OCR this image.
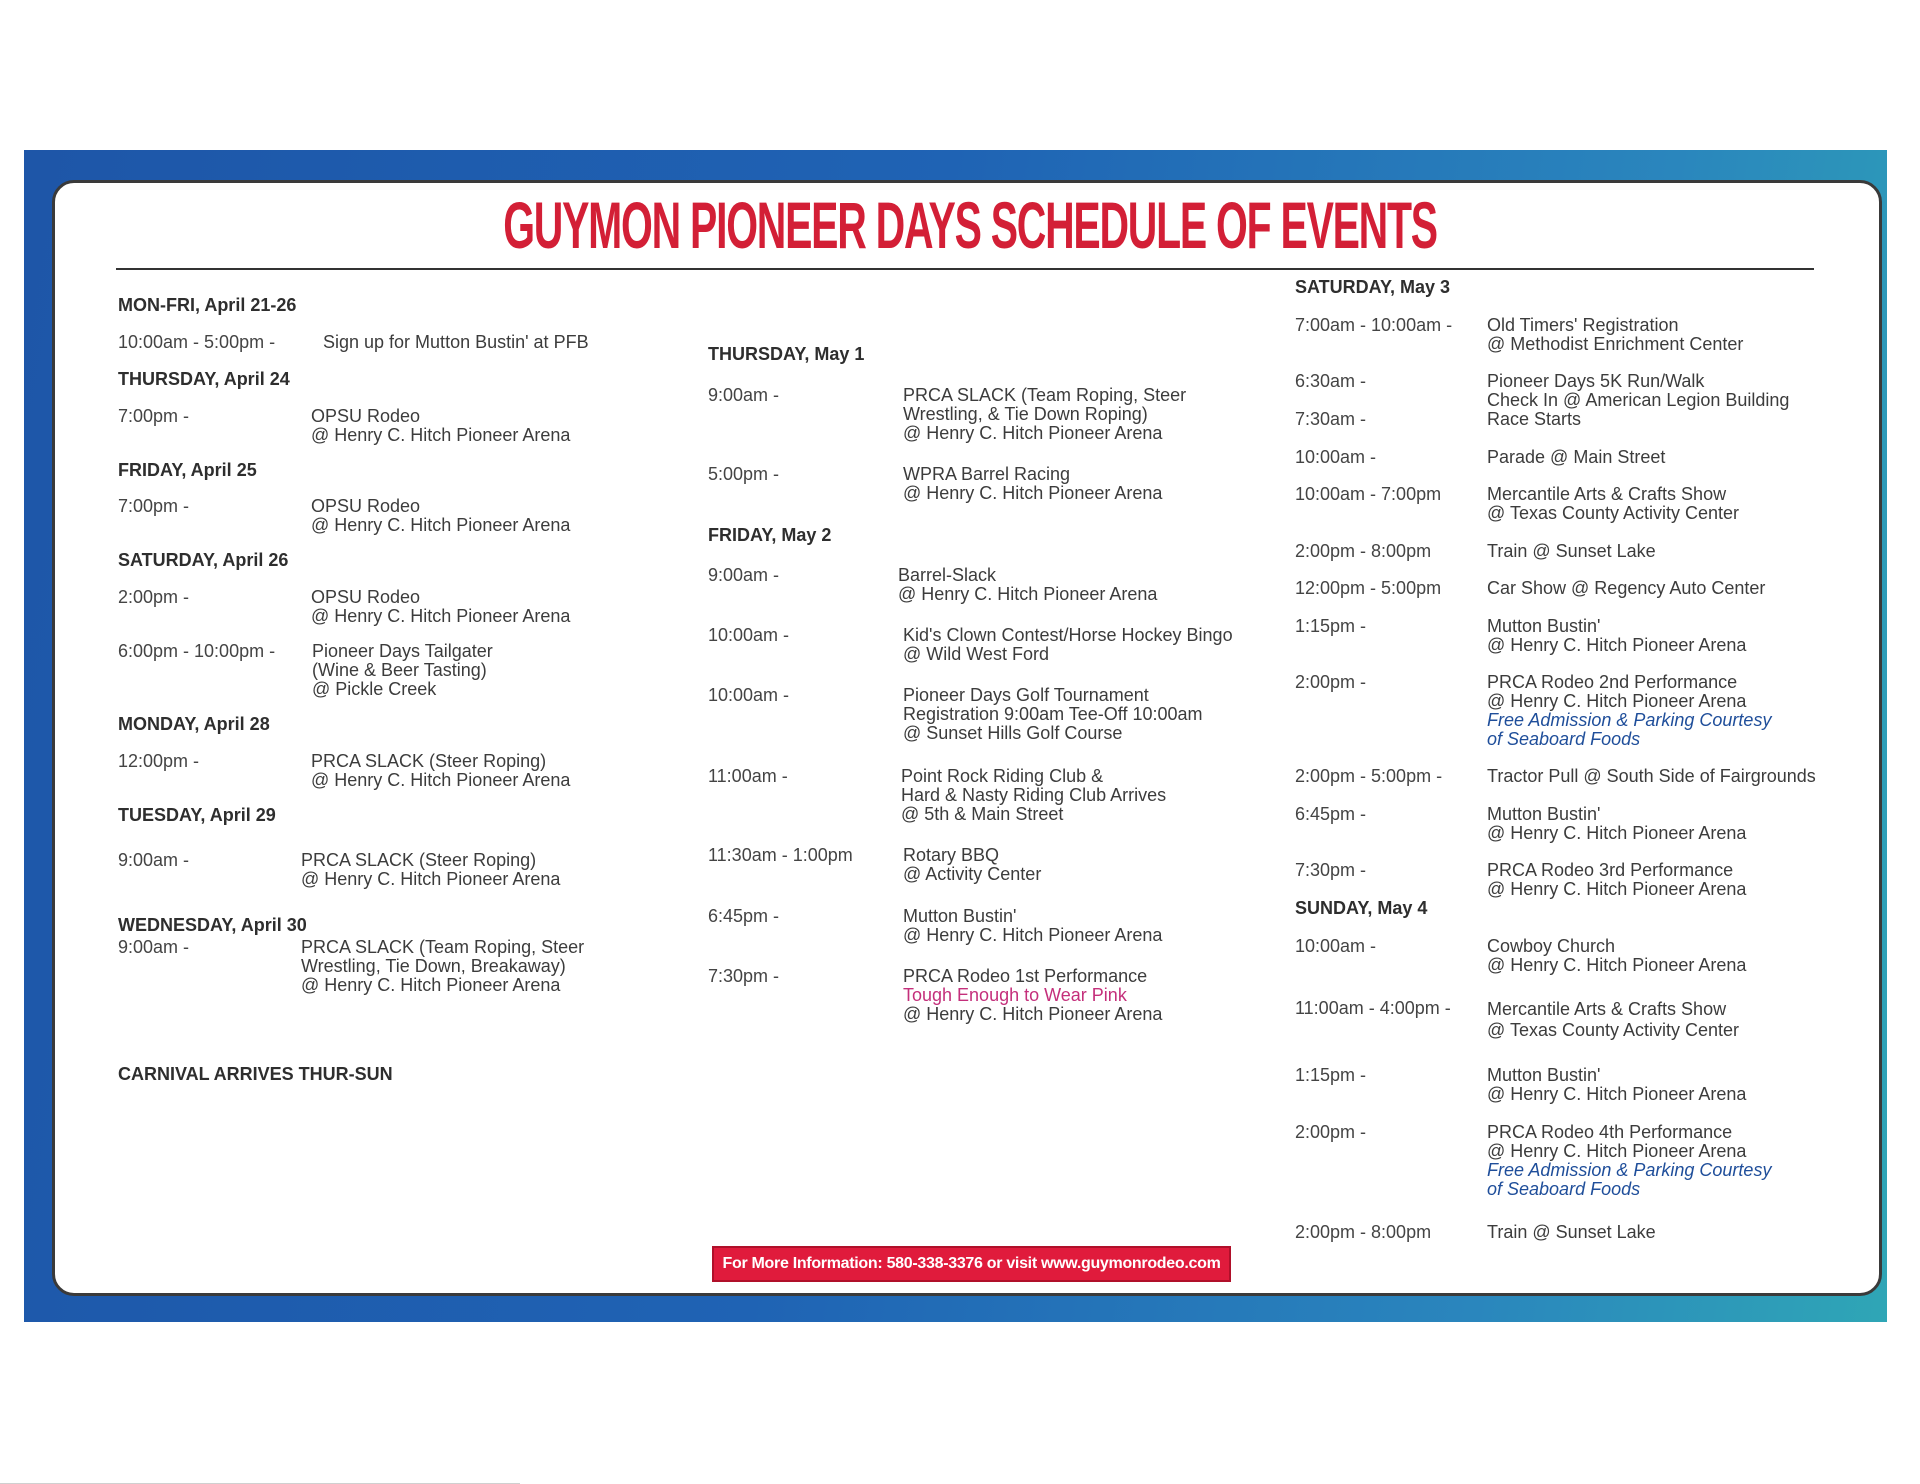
GUYMON PIONEER DAYS SCHEDULE OF EVENTS
MON-FRI, April 21-26
10:00am - 5:00pm -	Sign up for Mutton Bustin' at PFB
THURSDAY, April 24
7:00pm -	OPSU Rodeo
@ Henry C. Hitch Pioneer Arena
FRIDAY, April 25
7:00pm -	OPSU Rodeo
@ Henry C. Hitch Pioneer Arena
SATURDAY, April 26
2:00pm -	OPSU Rodeo
@ Henry C. Hitch Pioneer Arena
6:00pm - 10:00pm - Pioneer Days Tailgater
(Wine & Beer Tasting)
@ Pickle Creek
MONDAY, April 28
12:00pm -	PRCA SLACK (Steer Roping)
@ Henry C. Hitch Pioneer Arena
TUESDAY, April 29
9:00am -	PRCA SLACK (Steer Roping)
@ Henry C. Hitch Pioneer Arena
WEDNESDAY, April 30
9:00am -	PRCA SLACK (Team Roping, Steer
Wrestling, Tie Down, Breakaway)
@ Henry C. Hitch Pioneer Arena
CARNIVAL ARRIVES THUR-SUN
THURSDAY, May 1
9:00am -	PRCA SLACK (Team Roping, Steer
Wrestling, & Tie Down Roping)
@ Henry C. Hitch Pioneer Arena
5:00pm -	WPRA Barrel Racing
@ Henry C. Hitch Pioneer Arena
FRIDAY, May 2
9:00am -	Barrel-Slack
@ Henry C. Hitch Pioneer Arena
10:00am -	Kid's Clown Contest/Horse Hockey Bingo
@ Wild West Ford
10:00am -	Pioneer Days Golf Tournament
Registration 9:00am Tee-Off 10:00am
@ Sunset Hills Golf Course
11:00am -	Point Rock Riding Club &
Hard & Nasty Riding Club Arrives
@ 5th & Main Street
11:30am - 1:00pm	Rotary BBQ
@ Activity Center
6:45pm -	Mutton Bustin'
@ Henry C. Hitch Pioneer Arena
7:30pm -	PRCA Rodeo 1st Performance
Tough Enough to Wear Pink
@ Henry C. Hitch Pioneer Arena
SATURDAY, May 3
7:00am - 10:00am - Old Timers' Registration
@ Methodist Enrichment Center
6:30am -	Pioneer Days 5K Run/Walk
Check In @ American Legion Building
7:30am -	Race Starts
10:00am -	Parade @ Main Street
10:00am - 7:00pm	Mercantile Arts & Crafts Show
@ Texas County Activity Center
2:00pm - 8:00pm	Train @ Sunset Lake
12:00pm - 5:00pm	Car Show @ Regency Auto Center
1:15pm -	Mutton Bustin'
@ Henry C. Hitch Pioneer Arena
2:00pm -	PRCA Rodeo 2nd Performance
@ Henry C. Hitch Pioneer Arena
Free Admission & Parking Courtesy
of Seaboard Foods
2:00pm - 5:00pm - Tractor Pull @ South Side of Fairgrounds
6:45pm -	Mutton Bustin'
@ Henry C. Hitch Pioneer Arena
7:30pm -	PRCA Rodeo 3rd Performance
@ Henry C. Hitch Pioneer Arena
SUNDAY, May 4
10:00am -	Cowboy Church
@ Henry C. Hitch Pioneer Arena
11:00am - 4:00pm - Mercantile Arts & Crafts Show
@ Texas County Activity Center
1:15pm -	Mutton Bustin'
@ Henry C. Hitch Pioneer Arena
2:00pm -	PRCA Rodeo 4th Performance
@ Henry C. Hitch Pioneer Arena
Free Admission & Parking Courtesy
of Seaboard Foods
2:00pm - 8:00pm	Train @ Sunset Lake
For More Information: 580-338-3376 or visit www.guymonrodeo.com
